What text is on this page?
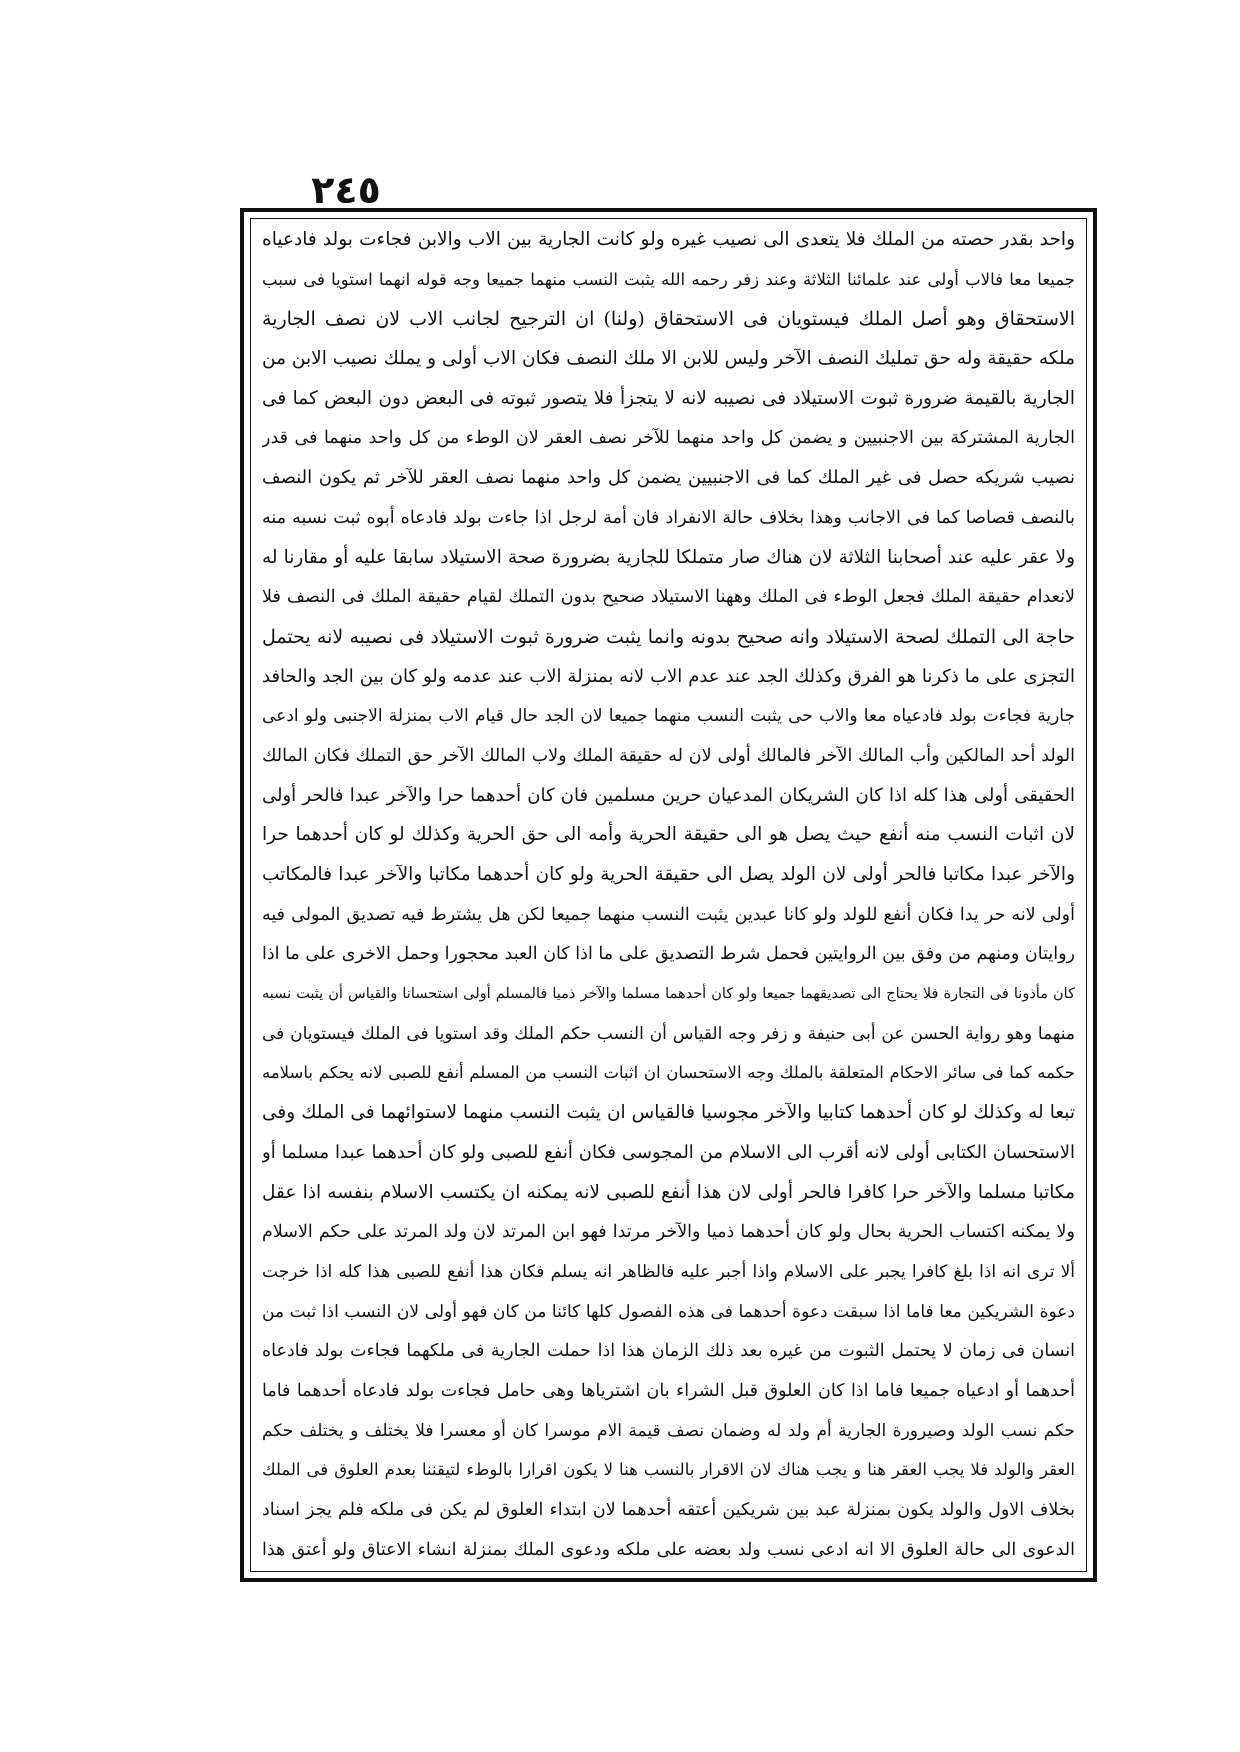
٢٤٥
واحد بقدر حصته من الملك فلا يتعدى الى نصيب غيره ولو كانت الجارية بين الاب والابن فجاءت بولد فادعياه
جميعا معا فالاب أولى عند علمائنا الثلاثة وعند زفر رحمه الله يثبت النسب منهما جميعا وجه قوله انهما استويا فى سبب
الاستحقاق وهو أصل الملك فيستويان فى الاستحقاق (ولنا) ان الترجيح لجانب الاب لان نصف الجارية
ملكه حقيقة وله حق تمليك النصف الآخر وليس للابن الا ملك النصف فكان الاب أولى و يملك نصيب الابن من
الجارية بالقيمة ضرورة ثبوت الاستيلاد فى نصيبه لانه لا يتجزأ فلا يتصور ثبوته فى البعض دون البعض كما فى
الجارية المشتركة بين الاجنبيين و يضمن كل واحد منهما للآخر نصف العقر لان الوطء من كل واحد منهما فى قدر
نصيب شريكه حصل فى غير الملك كما فى الاجنبيين يضمن كل واحد منهما نصف العقر للآخر ثم يكون النصف
بالنصف قصاصا كما فى الاجانب وهذا بخلاف حالة الانفراد فان أمة لرجل اذا جاءت بولد فادعاه أبوه ثبت نسبه منه
ولا عقر عليه عند أصحابنا الثلاثة لان هناك صار متملكا للجارية بضرورة صحة الاستيلاد سابقا عليه أو مقارنا له
لانعدام حقيقة الملك فجعل الوطء فى الملك وههنا الاستيلاد صحيح بدون التملك لقيام حقيقة الملك فى النصف فلا
حاجة الى التملك لصحة الاستيلاد وانه صحيح بدونه وانما يثبت ضرورة ثبوت الاستيلاد فى نصيبه لانه يحتمل
التجزى على ما ذكرنا هو الفرق وكذلك الجد عند عدم الاب لانه بمنزلة الاب عند عدمه ولو كان بين الجد والحافد
جارية فجاءت بولد فادعياه معا والاب حى يثبت النسب منهما جميعا لان الجد حال قيام الاب بمنزلة الاجنبى ولو ادعى
الولد أحد المالكين وأب المالك الآخر فالمالك أولى لان له حقيقة الملك ولاب المالك الآخر حق التملك فكان المالك
الحقيقى أولى هذا كله اذا كان الشريكان المدعيان حرين مسلمين فان كان أحدهما حرا والآخر عبدا فالحر أولى
لان اثبات النسب منه أنفع حيث يصل هو الى حقيقة الحرية وأمه الى حق الحرية وكذلك لو كان أحدهما حرا
والآخر عبدا مكاتبا فالحر أولى لان الولد يصل الى حقيقة الحرية ولو كان أحدهما مكاتبا والآخر عبدا فالمكاتب
أولى لانه حر يدا فكان أنفع للولد ولو كانا عبدين يثبت النسب منهما جميعا لكن هل يشترط فيه تصديق المولى فيه
روايتان ومنهم من وفق بين الروايتين فحمل شرط التصديق على ما اذا كان العبد محجورا وحمل الاخرى على ما اذا
كان مأذونا فى التجارة فلا يحتاج الى تصديقهما جميعا ولو كان أحدهما مسلما والآخر ذميا فالمسلم أولى استحسانا والقياس أن يثبت نسبه
منهما وهو رواية الحسن عن أبى حنيفة و زفر وجه القياس أن النسب حكم الملك وقد استويا فى الملك فيستويان فى
حكمه كما فى سائر الاحكام المتعلقة بالملك وجه الاستحسان ان اثبات النسب من المسلم أنفع للصبى لانه يحكم باسلامه
تبعا له وكذلك لو كان أحدهما كتابيا والآخر مجوسيا فالقياس ان يثبت النسب منهما لاستوائهما فى الملك وفى
الاستحسان الكتابى أولى لانه أقرب الى الاسلام من المجوسى فكان أنفع للصبى ولو كان أحدهما عبدا مسلما أو
مكاتبا مسلما والآخر حرا كافرا فالحر أولى لان هذا أنفع للصبى لانه يمكنه ان يكتسب الاسلام بنفسه اذا عقل
ولا يمكنه اكتساب الحرية بحال ولو كان أحدهما ذميا والآخر مرتدا فهو ابن المرتد لان ولد المرتد على حكم الاسلام
ألا ترى انه اذا بلغ كافرا يجبر على الاسلام واذا أجبر عليه فالظاهر انه يسلم فكان هذا أنفع للصبى هذا كله اذا خرجت
دعوة الشريكين معا فاما اذا سبقت دعوة أحدهما فى هذه الفصول كلها كائنا من كان فهو أولى لان النسب اذا ثبت من
انسان فى زمان لا يحتمل الثبوت من غيره بعد ذلك الزمان هذا اذا حملت الجارية فى ملكهما فجاءت بولد فادعاه
أحدهما أو ادعياه جميعا فاما اذا كان العلوق قبل الشراء بان اشترياها وهى حامل فجاءت بولد فادعاه أحدهما فاما
حكم نسب الولد وصيرورة الجارية أم ولد له وضمان نصف قيمة الام موسرا كان أو معسرا فلا يختلف و يختلف حكم
العقر والولد فلا يجب العقر هنا و يجب هناك لان الاقرار بالنسب هنا لا يكون اقرارا بالوطء لتيقننا بعدم العلوق فى الملك
بخلاف الاول والولد يكون بمنزلة عبد بين شريكين أعتقه أحدهما لان ابتداء العلوق لم يكن فى ملكه فلم يجز اسناد
الدعوى الى حالة العلوق الا انه ادعى نسب ولد بعضه على ملكه ودعوى الملك بمنزلة انشاء الاعتاق ولو أعتق هذا
